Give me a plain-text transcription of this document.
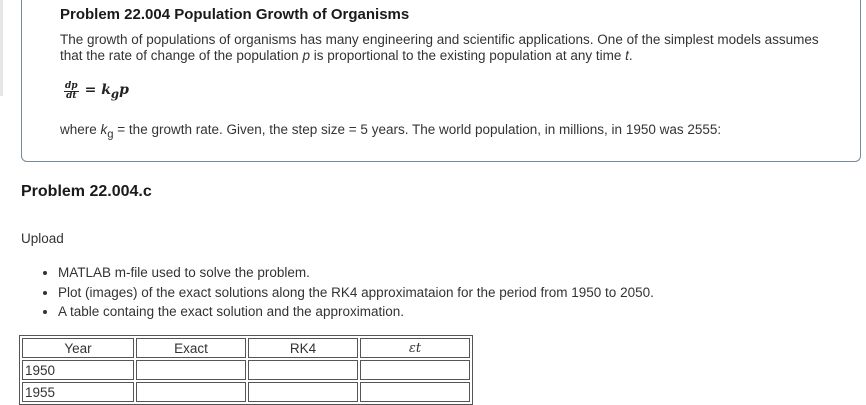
Problem 22.004 Population Growth of Organisms
The growth of populations of organisms has many engineering and scientific applications. One of the simplest models assumes that the rate of change of the population p is proportional to the existing population at any time t.
$\frac{dp}{dt} = k_gp$
where $k_g$ = the growth rate. Given, the step size = 5 years. The world population, in millions, in 1950 was 2555:
Problem 22.004.c
Upload
• MATLAB m-file used to solve the problem.
• Plot (images) of the exact solutions along the RK4 approximataion for the period from 1950 to 2050.
• A table containg the exact solution and the approximation.
Year	Exact	RK4	εt
1950			
1955			
